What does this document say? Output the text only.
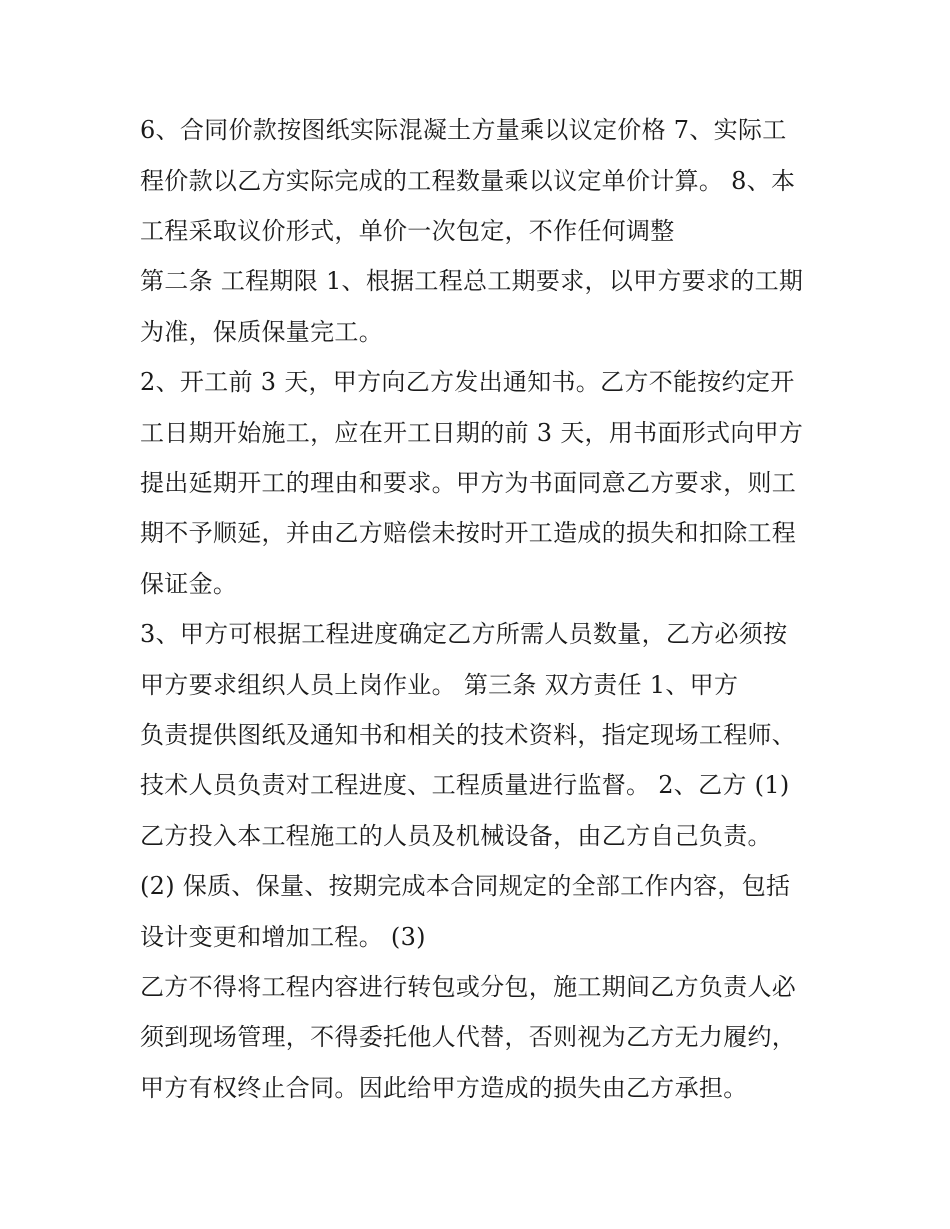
6、合同价款按图纸实际混凝土方量乘以议定价格 7、实际工
程价款以乙方实际完成的工程数量乘以议定单价计算。 8、本
工程采取议价形式，单价一次包定，不作任何调整
第二条 工程期限 1、根据工程总工期要求，以甲方要求的工期
为准，保质保量完工。
2、开工前 3 天，甲方向乙方发出通知书。乙方不能按约定开
工日期开始施工，应在开工日期的前 3 天，用书面形式向甲方
提出延期开工的理由和要求。甲方为书面同意乙方要求，则工
期不予顺延，并由乙方赔偿未按时开工造成的损失和扣除工程
保证金。
3、甲方可根据工程进度确定乙方所需人员数量，乙方必须按
甲方要求组织人员上岗作业。 第三条 双方责任 1、甲方
负责提供图纸及通知书和相关的技术资料，指定现场工程师、
技术人员负责对工程进度、工程质量进行监督。 2、乙方 (1)
乙方投入本工程施工的人员及机械设备，由乙方自己负责。
(2) 保质、保量、按期完成本合同规定的全部工作内容，包括
设计变更和增加工程。 (3)
乙方不得将工程内容进行转包或分包，施工期间乙方负责人必
须到现场管理，不得委托他人代替，否则视为乙方无力履约，
甲方有权终止合同。因此给甲方造成的损失由乙方承担。
